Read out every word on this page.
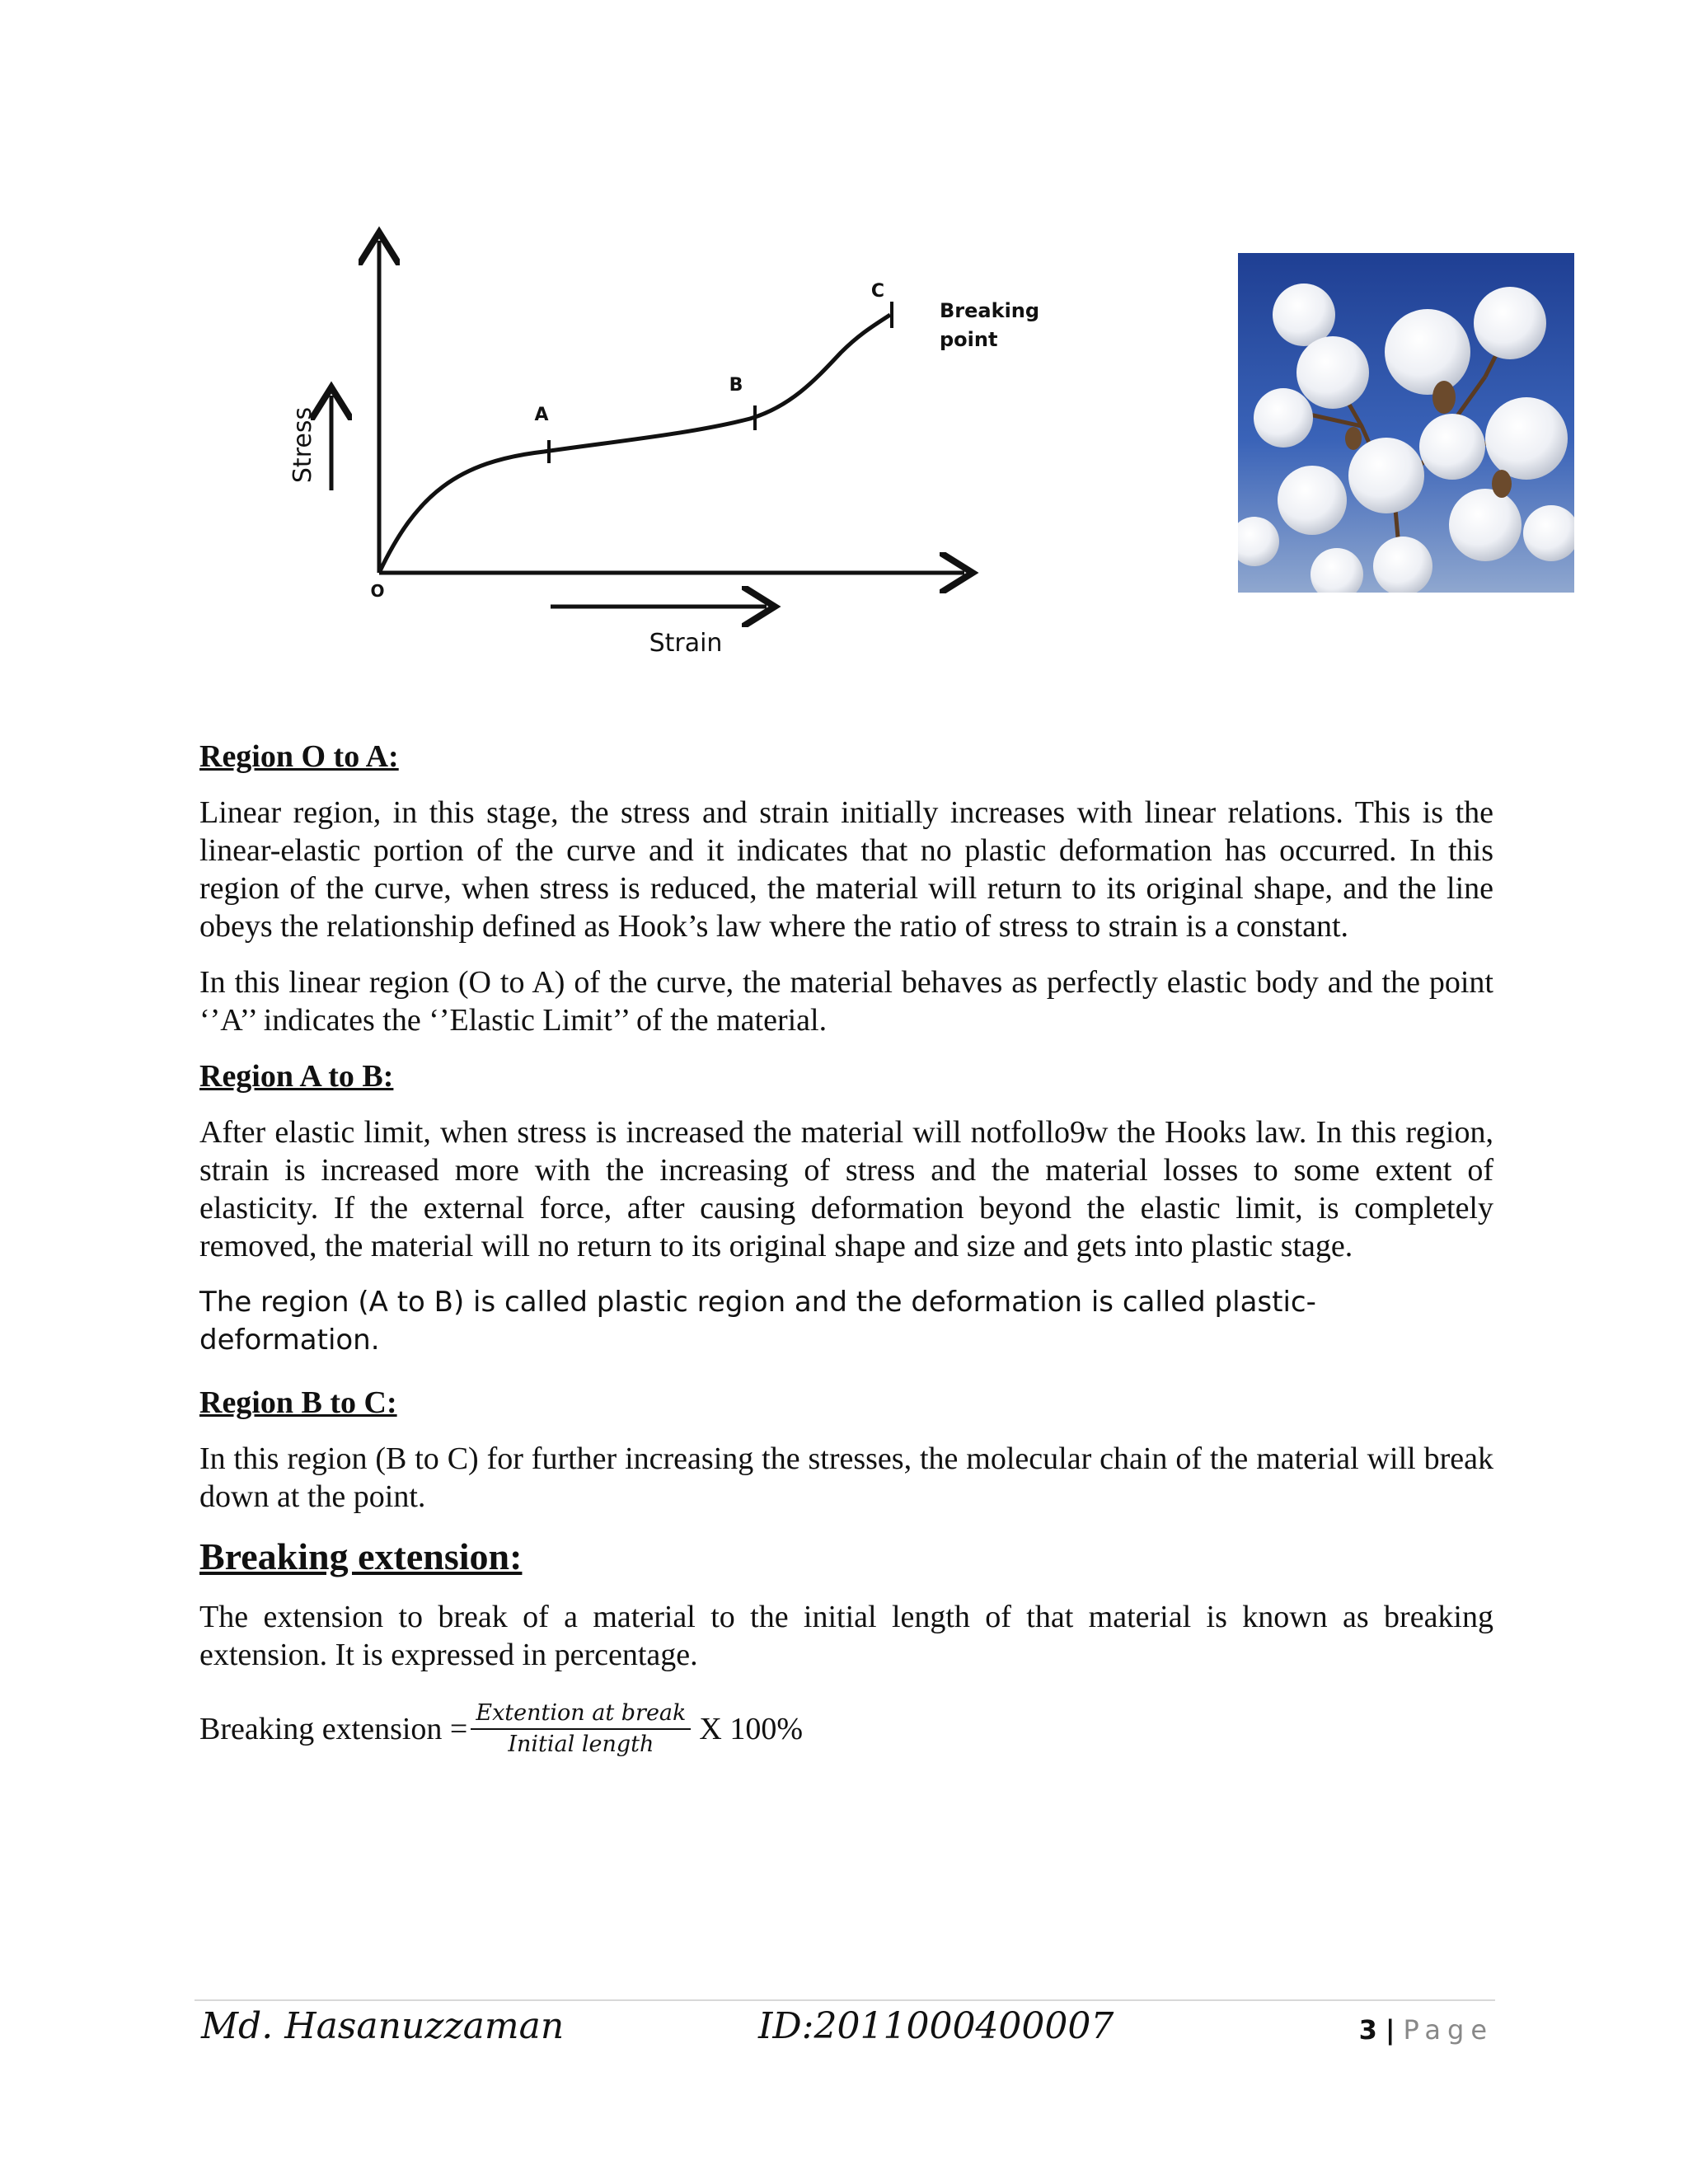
Stress
Strain
O
A
B
C
Breaking
point
Region O to A:

Linear region, in this stage, the stress and strain initially increases with linear relations. This is the linear-elastic portion of the curve and it indicates that no plastic deformation has occurred. In this region of the curve, when stress is reduced, the material will return to its original shape, and the line obeys the relationship defined as Hook’s law where the ratio of stress to strain is a constant.

In this linear region (O to A) of the curve, the material behaves as perfectly elastic body and the point ‘’A’’ indicates the ‘’Elastic Limit’’ of the material.

Region A to B:

After elastic limit, when stress is increased the material will notfollo9w the Hooks law. In this region, strain is increased more with the increasing of stress and the material losses to some extent of elasticity. If the external force, after causing deformation beyond the elastic limit, is completely removed, the material will no return to its original shape and size and gets into plastic stage.

The region (A to B) is called plastic region and the deformation is called plastic-deformation.

Region B to C:

In this region (B to C) for further increasing the stresses, the molecular chain of the material will break down at the point.

Breaking extension:

The extension to break of a material to the initial length of that material is known as breaking extension. It is expressed in percentage.

Breaking extension = $\frac{\text{Extention at break}}{\text{Initial length}}$ X 100%
Md. Hasanuzzaman	ID:2011000400007	3 | Page
